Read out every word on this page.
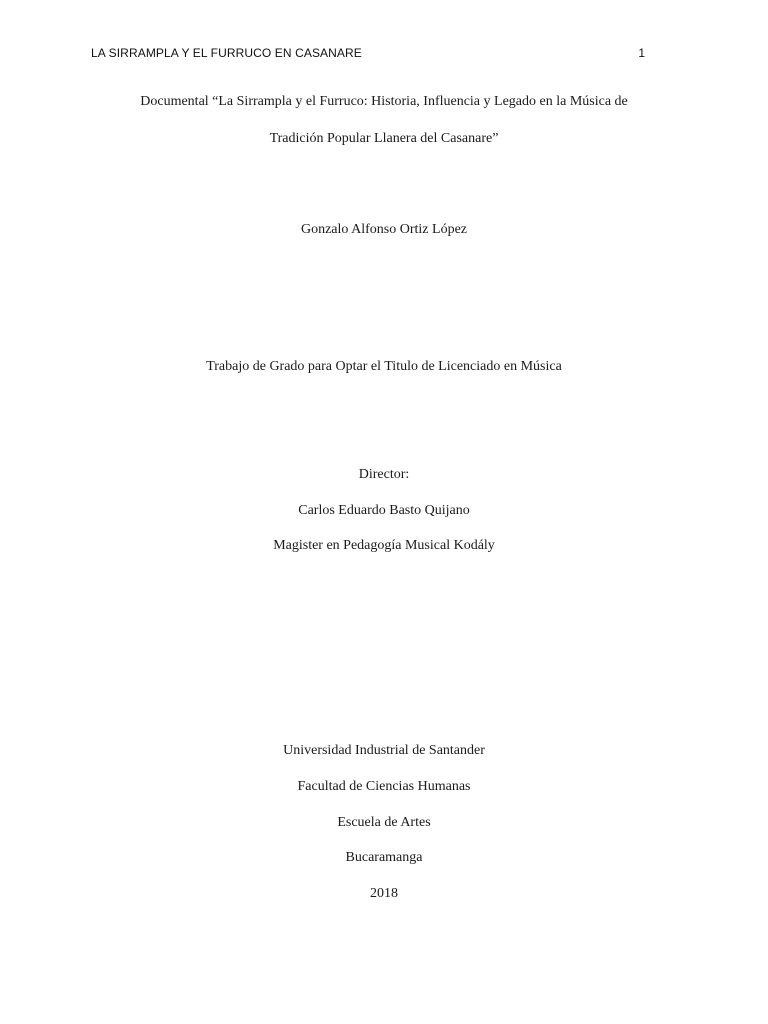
LA SIRRAMPLA Y EL FURRUCO EN CASANARE	1
Documental “La Sirrampla y el Furruco: Historia, Influencia y Legado en la Música de
Tradición Popular Llanera del Casanare”
Gonzalo Alfonso Ortiz López
Trabajo de Grado para Optar el Titulo de Licenciado en Música
Director:
Carlos Eduardo Basto Quijano
Magister en Pedagogía Musical Kodály
Universidad Industrial de Santander
Facultad de Ciencias Humanas
Escuela de Artes
Bucaramanga
2018
